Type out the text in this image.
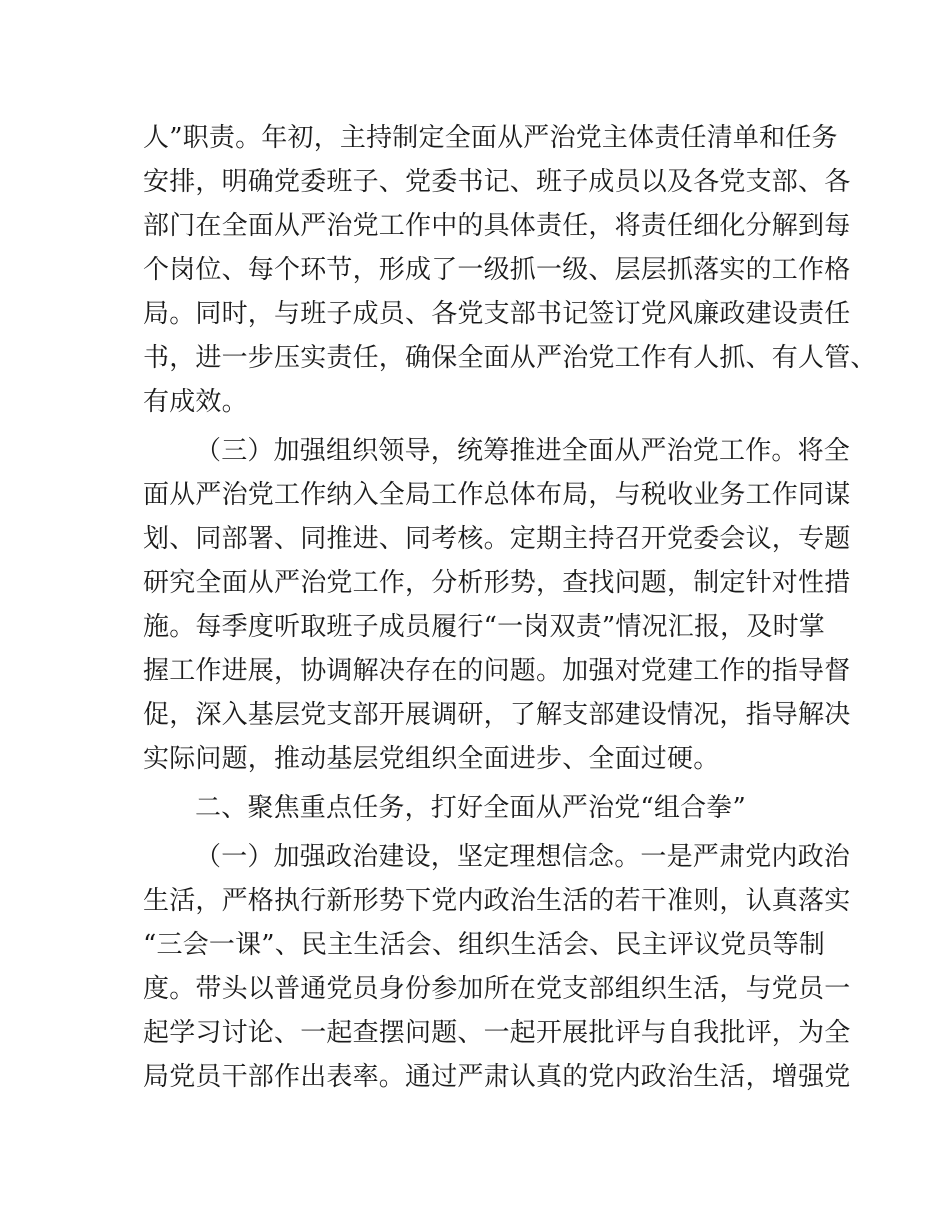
人”职责。年初，主持制定全面从严治党主体责任清单和任务
安排，明确党委班子、党委书记、班子成员以及各党支部、各
部门在全面从严治党工作中的具体责任，将责任细化分解到每
个岗位、每个环节，形成了一级抓一级、层层抓落实的工作格
局。同时，与班子成员、各党支部书记签订党风廉政建设责任
书，进一步压实责任，确保全面从严治党工作有人抓、有人管、
有成效。
（三）加强组织领导，统筹推进全面从严治党工作。将全
面从严治党工作纳入全局工作总体布局，与税收业务工作同谋
划、同部署、同推进、同考核。定期主持召开党委会议，专题
研究全面从严治党工作，分析形势，查找问题，制定针对性措
施。每季度听取班子成员履行“一岗双责”情况汇报，及时掌
握工作进展，协调解决存在的问题。加强对党建工作的指导督
促，深入基层党支部开展调研，了解支部建设情况，指导解决
实际问题，推动基层党组织全面进步、全面过硬。
二、聚焦重点任务，打好全面从严治党“组合拳”
（一）加强政治建设，坚定理想信念。一是严肃党内政治
生活，严格执行新形势下党内政治生活的若干准则，认真落实
“三会一课”、民主生活会、组织生活会、民主评议党员等制
度。带头以普通党员身份参加所在党支部组织生活，与党员一
起学习讨论、一起查摆问题、一起开展批评与自我批评，为全
局党员干部作出表率。通过严肃认真的党内政治生活，增强党
